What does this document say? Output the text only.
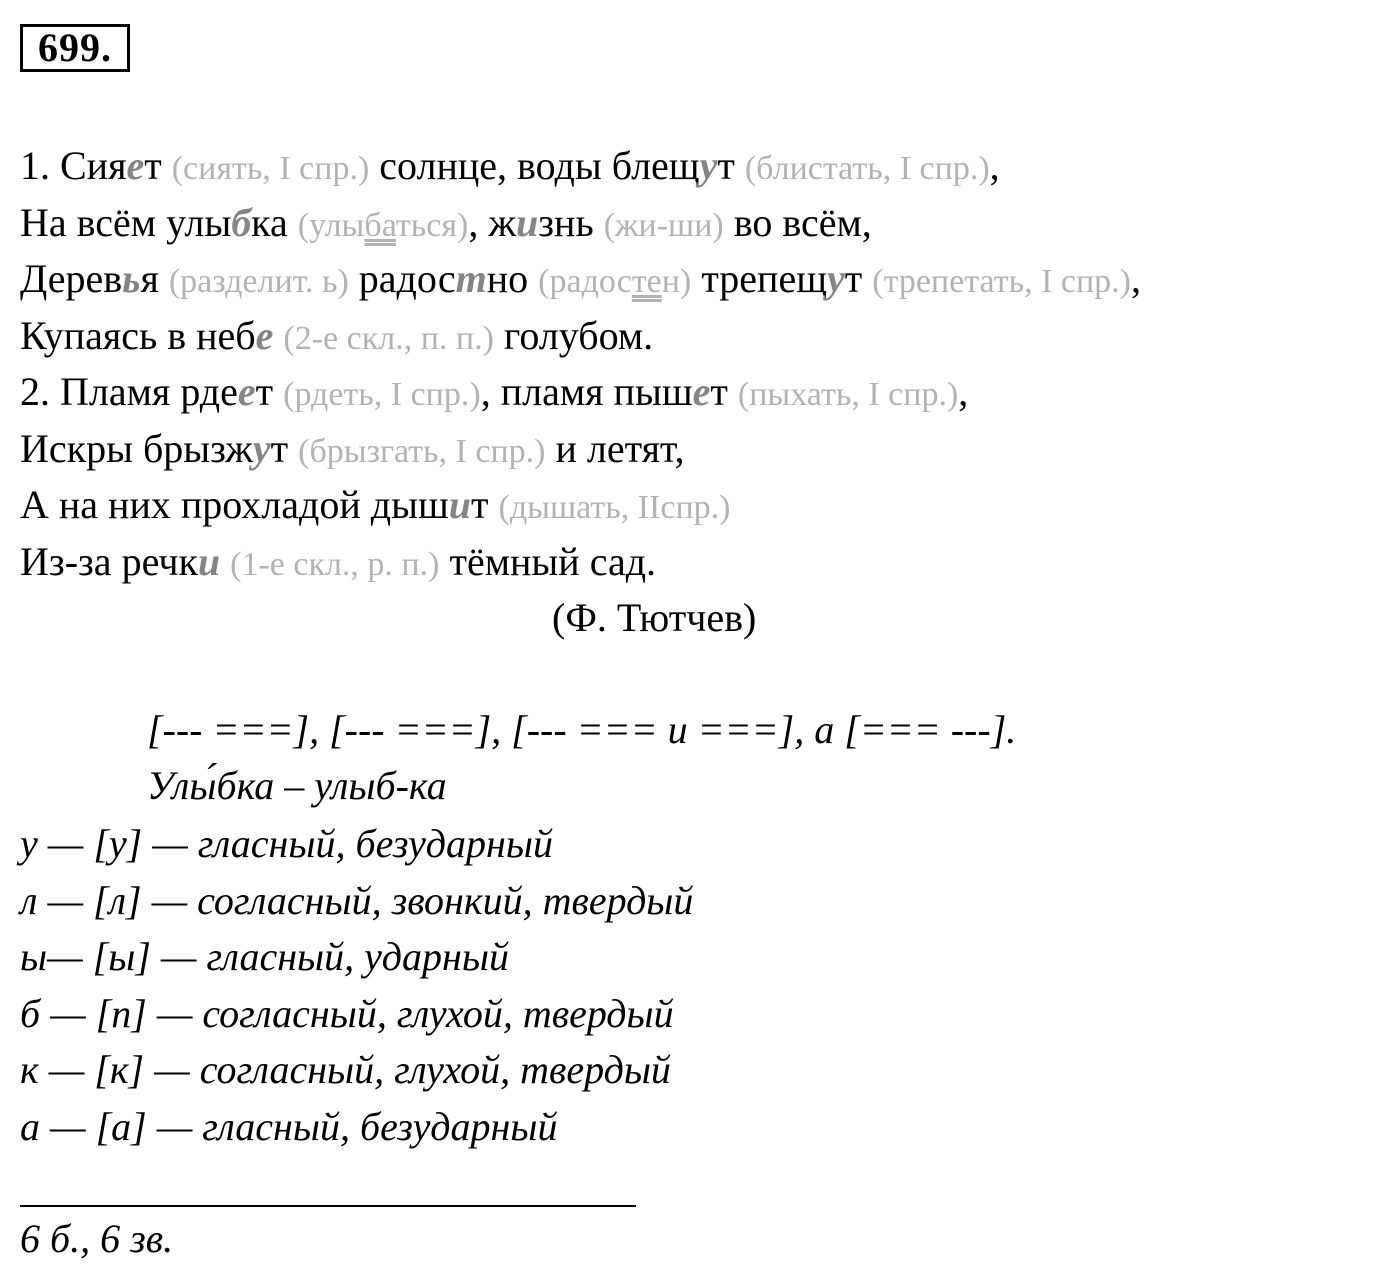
699.
1. Сияет (сиять, I спр.) солнце, воды блещут (блистать, I спр.),
На всём улыбка (улыбаться), жизнь (жи-ши) во всём,
Деревья (разделит. ь) радостно (радостен) трепещут (трепетать, I спр.),
Купаясь в небе (2-е скл., п. п.) голубом.
2. Пламя рдеет (рдеть, I спр.), пламя пышет (пыхать, I спр.),
Искры брызжут (брызгать, I спр.) и летят,
А на них прохладой дышит (дышать, IIспр.)
Из-за речки (1-е скл., р. п.) тёмный сад.
(Ф. Тютчев)
[--- ===], [--- ===], [--- === и ===], а [=== ---].
Улы́бка – улыб-ка
у — [у] — гласный, безударный
л — [л] — согласный, звонкий, твердый
ы— [ы] — гласный, ударный
б — [п] — согласный, глухой, твердый
к — [к] — согласный, глухой, твердый
а — [а] — гласный, безударный
6 б., 6 зв.
